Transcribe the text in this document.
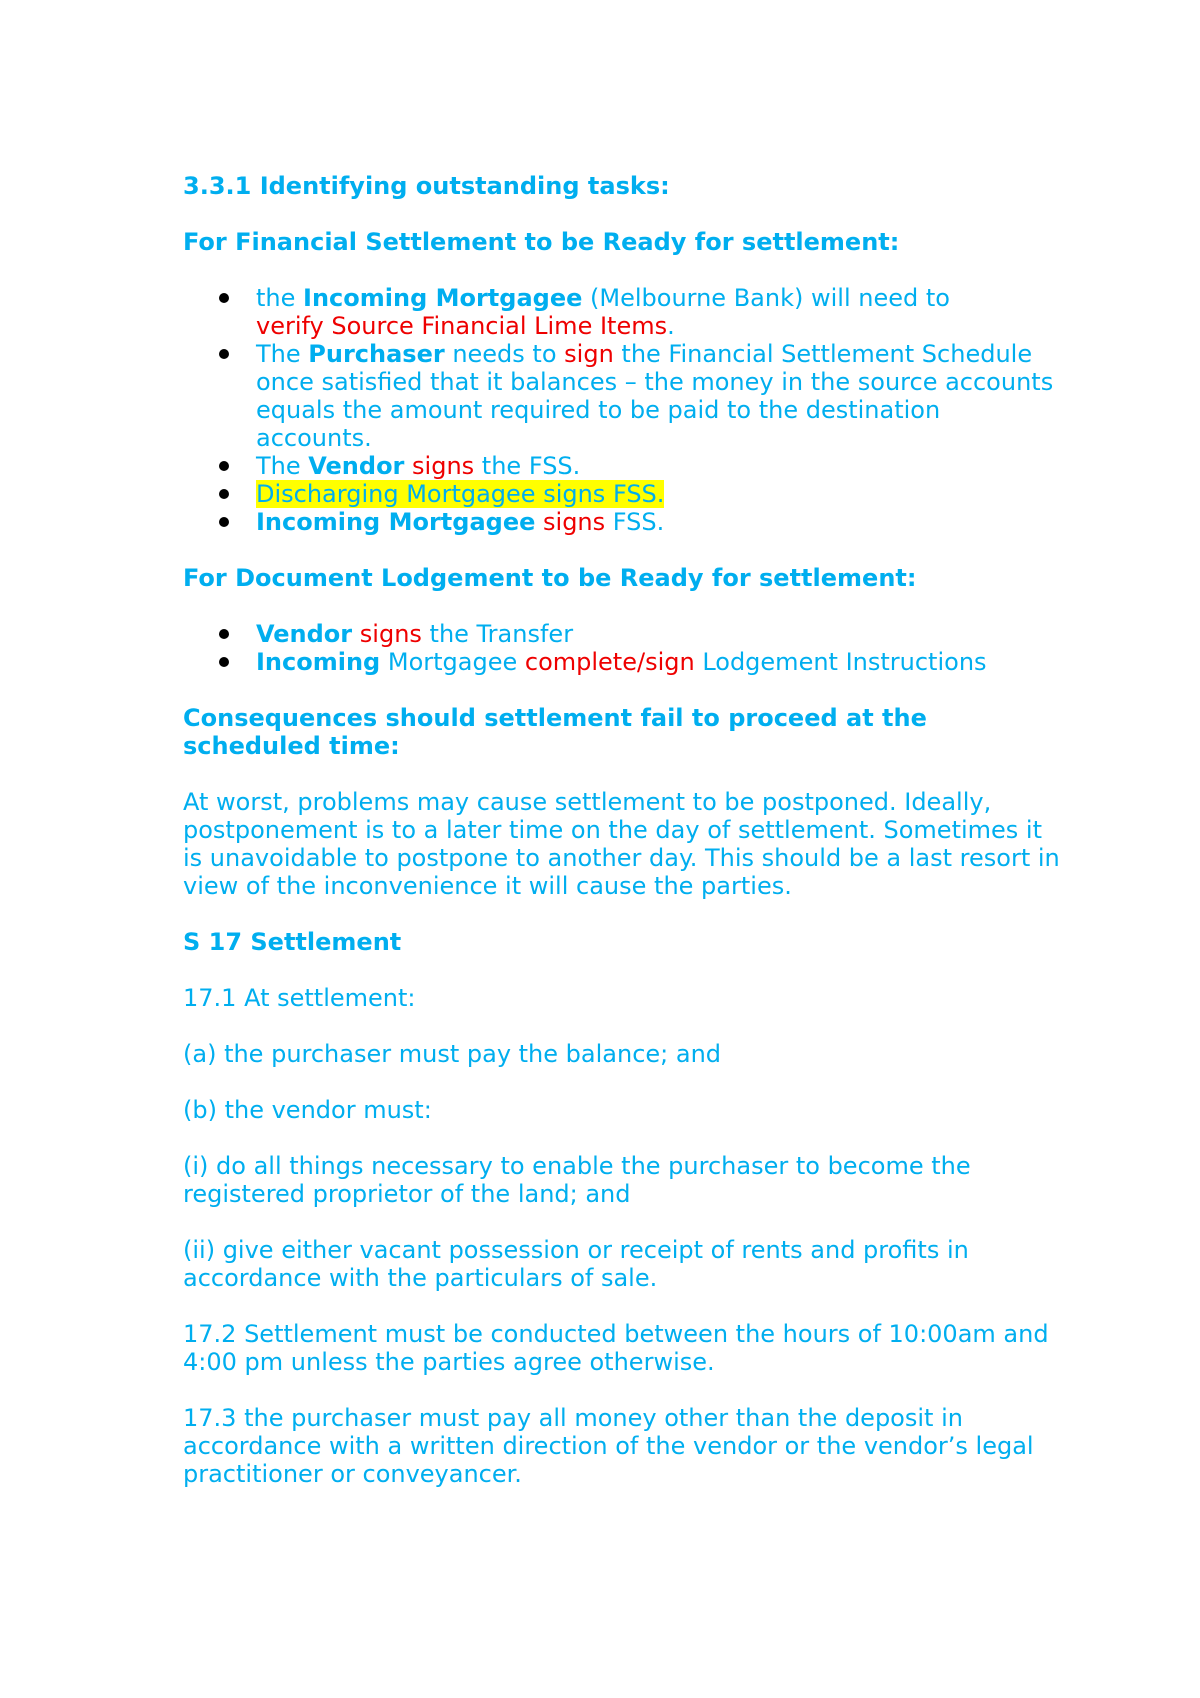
3.3.1 Identifying outstanding tasks:

For Financial Settlement to be Ready for settlement:

the Incoming Mortgagee (Melbourne Bank) will need to
verify Source Financial Lime Items.
The Purchaser needs to sign the Financial Settlement Schedule once satisfied that it balances – the money in the source accounts equals the amount required to be paid to the destination accounts.
The Vendor signs the FSS.
Discharging Mortgagee signs FSS.
Incoming Mortgagee signs FSS.

For Document Lodgement to be Ready for settlement:

Vendor signs the Transfer
Incoming Mortgagee complete/sign Lodgement Instructions

Consequences should settlement fail to proceed at the scheduled time:

At worst, problems may cause settlement to be postponed. Ideally, postponement is to a later time on the day of settlement. Sometimes it is unavoidable to postpone to another day. This should be a last resort in view of the inconvenience it will cause the parties.

S 17 Settlement

17.1 At settlement:

(a) the purchaser must pay the balance; and

(b) the vendor must:

(i) do all things necessary to enable the purchaser to become the registered proprietor of the land; and

(ii) give either vacant possession or receipt of rents and profits in accordance with the particulars of sale.

17.2 Settlement must be conducted between the hours of 10:00am and 4:00 pm unless the parties agree otherwise.

17.3 the purchaser must pay all money other than the deposit in accordance with a written direction of the vendor or the vendor’s legal practitioner or conveyancer.
